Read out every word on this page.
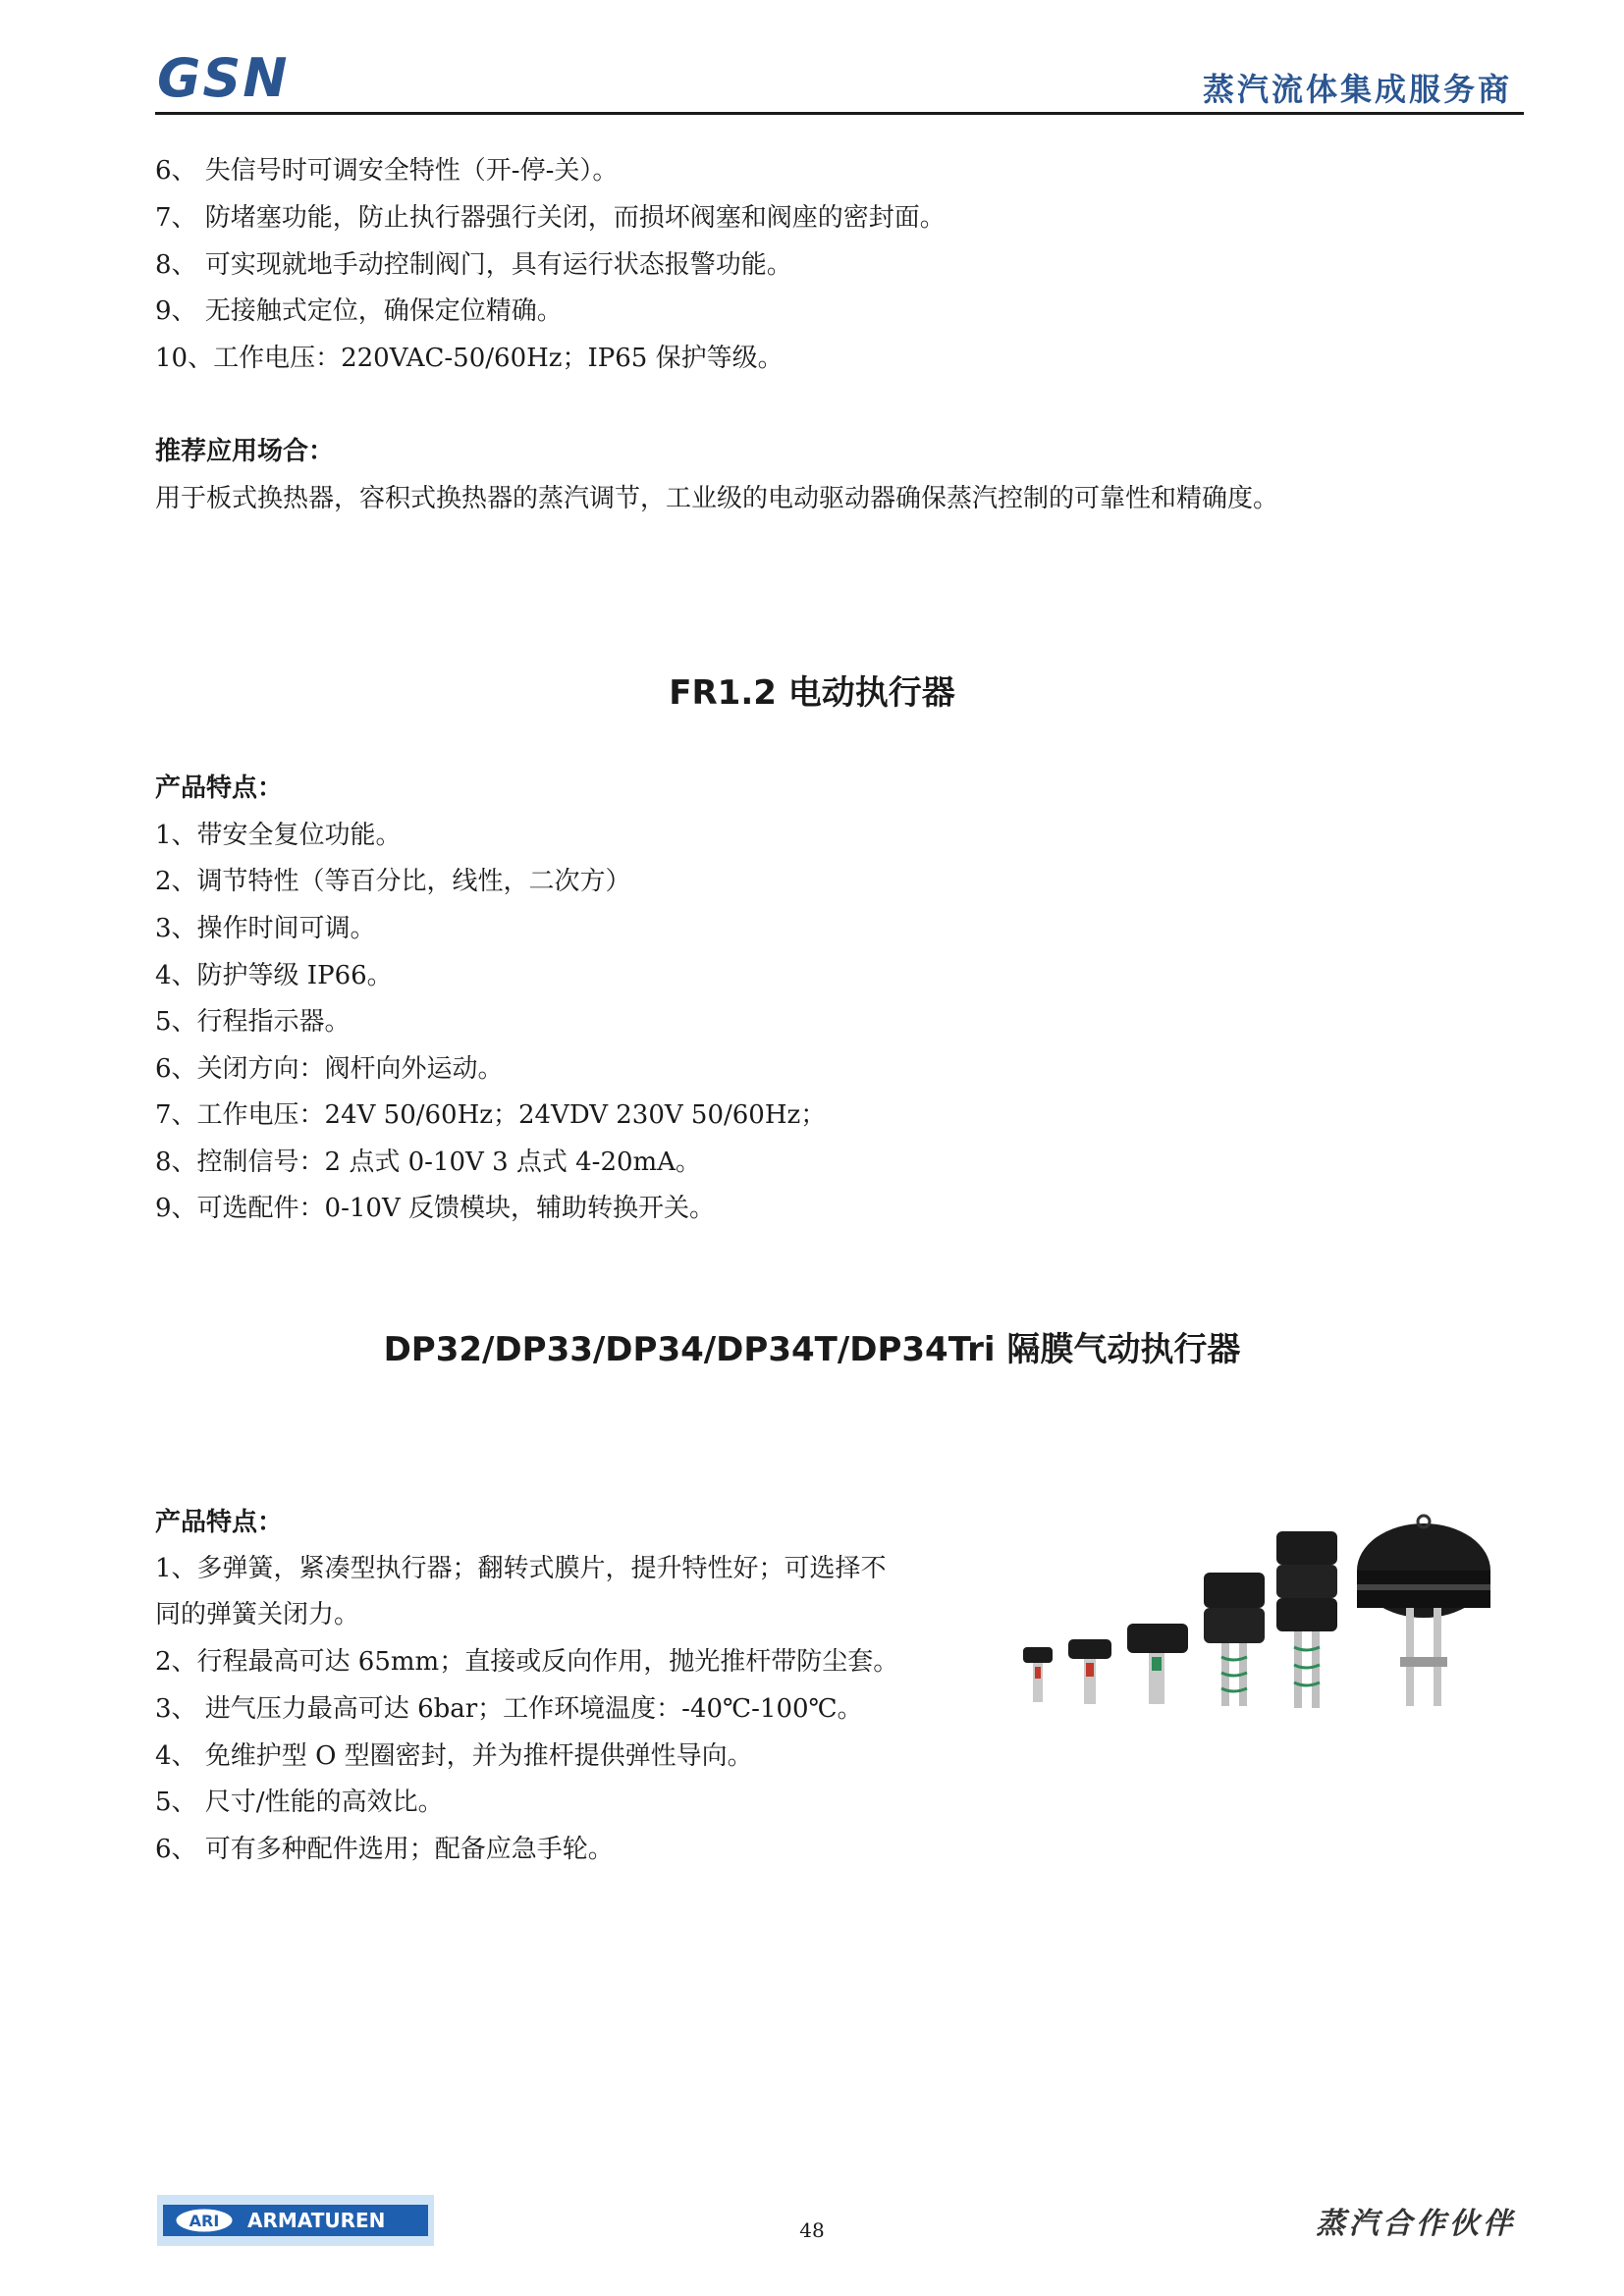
GSN	蒸汽流体集成服务商
6、 失信号时可调安全特性（开-停-关）。
7、 防堵塞功能，防止执行器强行关闭，而损坏阀塞和阀座的密封面。
8、 可实现就地手动控制阀门，具有运行状态报警功能。
9、 无接触式定位，确保定位精确。
10、工作电压：220VAC-50/60Hz；IP65 保护等级。
推荐应用场合：
用于板式换热器，容积式换热器的蒸汽调节，工业级的电动驱动器确保蒸汽控制的可靠性和精确度。
FR1.2 电动执行器
产品特点：
1、带安全复位功能。
2、调节特性（等百分比，线性，二次方）
3、操作时间可调。
4、防护等级 IP66。
5、行程指示器。
6、关闭方向：阀杆向外运动。
7、工作电压：24V 50/60Hz；24VDV 230V 50/60Hz；
8、控制信号：2 点式 0-10V 3 点式 4-20mA。
9、可选配件：0-10V 反馈模块，辅助转换开关。
DP32/DP33/DP34/DP34T/DP34Tri 隔膜气动执行器
产品特点：
1、多弹簧，紧凑型执行器；翻转式膜片，提升特性好；可选择不
同的弹簧关闭力。
2、行程最高可达 65mm；直接或反向作用，抛光推杆带防尘套。
3、 进气压力最高可达 6bar；工作环境温度：-40℃-100℃。
4、 免维护型 O 型圈密封，并为推杆提供弹性导向。
5、 尺寸/性能的高效比。
6、 可有多种配件选用；配备应急手轮。
ARI ARMATUREN	48	蒸汽合作伙伴
